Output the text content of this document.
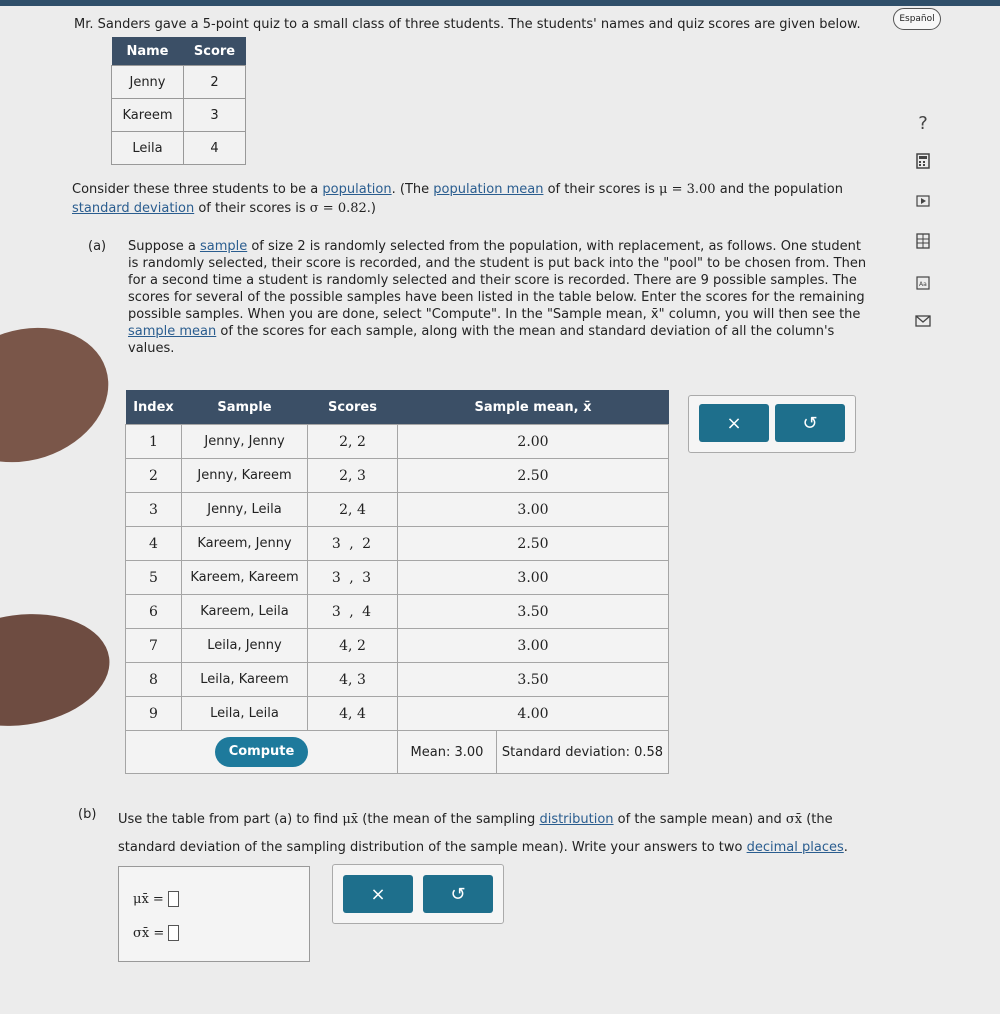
Español
?
Aa
Mr. Sanders gave a 5-point quiz to a small class of three students. The students' names and quiz scores are given below.
Name	Score
Jenny	2
Kareem	3
Leila	4
Consider these three students to be a population. (The population mean of their scores is μ = 3.00 and the population
standard deviation of their scores is σ = 0.82.)
(a) Suppose a sample of size 2 is randomly selected from the population, with replacement, as follows. One student
is randomly selected, their score is recorded, and the student is put back into the "pool" to be chosen from. Then
for a second time a student is randomly selected and their score is recorded. There are 9 possible samples. The
scores for several of the possible samples have been listed in the table below. Enter the scores for the remaining
possible samples. When you are done, select "Compute". In the "Sample mean, x̄" column, you will then see the
sample mean of the scores for each sample, along with the mean and standard deviation of all the column's
values.
Index	Sample	Scores	Sample mean, x̄	
1	Jenny, Jenny	2, 2	2.00	
2	Jenny, Kareem	2, 3	2.50	
3	Jenny, Leila	2, 4	3.00	
4	Kareem, Jenny	3 , 2	2.50	
5	Kareem, Kareem	3 , 3	3.00	
6	Kareem, Leila	3 , 4	3.50	
7	Leila, Jenny	4, 2	3.00	
8	Leila, Kareem	4, 3	3.50	
9	Leila, Leila	4, 4	4.00	
Compute			Mean: 3.00	Standard deviation: 0.58
×	↺
(b) Use the table from part (a) to find μx̄ (the mean of the sampling distribution of the sample mean) and σx̄ (the
standard deviation of the sampling distribution of the sample mean). Write your answers to two decimal places.
μx̄ =
σx̄ =
×	↺
